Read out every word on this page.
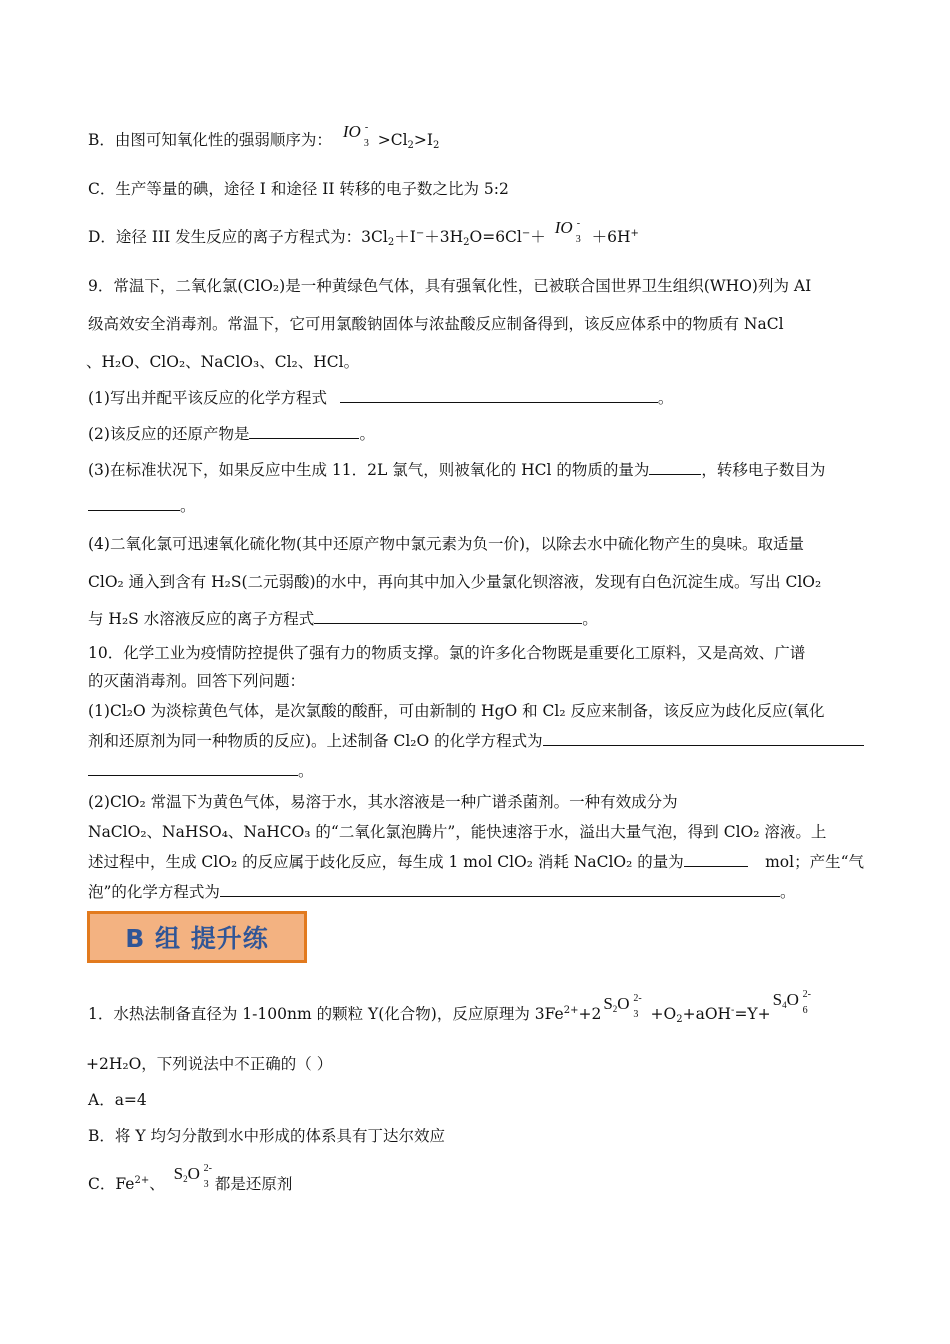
B．由图可知氧化性的强弱顺序为： IO -
$3 >Cl_2>I_2$
C．生产等量的碘，途径 I 和途径 II 转移的电子数之比为 5:2
D．途径 III 发生反应的离子方程式为：$3Cl_2+I^-+3H_2O=6Cl^-+$ IO -
3 ＋6H+
9．常温下，二氧化氯(ClO₂)是一种黄绿色气体，具有强氧化性，已被联合国世界卫生组织(WHO)列为 AI
级高效安全消毒剂。常温下，它可用氯酸钠固体与浓盐酸反应制备得到，该反应体系中的物质有 NaCl
、H₂O、ClO₂、NaClO₃、Cl₂、HCl。
(1)写出并配平该反应的化学方程式	。
(2)该反应的还原产物是	。
(3)在标准状况下，如果反应中生成 11．2L 氯气，则被氧化的 HCl 的物质的量为	，转移电子数目为
。
(4)二氧化氯可迅速氧化硫化物(其中还原产物中氯元素为负一价)，以除去水中硫化物产生的臭味。取适量
ClO₂ 通入到含有 H₂S(二元弱酸)的水中，再向其中加入少量氯化钡溶液，发现有白色沉淀生成。写出 ClO₂
与 H₂S 水溶液反应的离子方程式	。
10．化学工业为疫情防控提供了强有力的物质支撑。氯的许多化合物既是重要化工原料，又是高效、广谱
的灭菌消毒剂。回答下列问题：
(1)Cl₂O 为淡棕黄色气体，是次氯酸的酸酐，可由新制的 HgO 和 Cl₂ 反应来制备，该反应为歧化反应(氧化
剂和还原剂为同一种物质的反应)。上述制备 Cl₂O 的化学方程式为
。
(2)ClO₂ 常温下为黄色气体，易溶于水，其水溶液是一种广谱杀菌剂。一种有效成分为
NaClO₂、NaHSO₄、NaHCO₃ 的“二氧化氯泡腾片”，能快速溶于水，溢出大量气泡，得到 ClO₂ 溶液。上
述过程中，生成 ClO₂ 的反应属于歧化反应，每生成 1 mol ClO₂ 消耗 NaClO₂ 的量为	mol；产生“气
泡”的化学方程式为	。
B 组 提升练
1．水热法制备直径为 1-100nm 的颗粒 Y(化合物)，反应原理为 $3Fe^{2+}+2S2O$ 2-
$3 +O_2+aOH^-=Y+S4O$ 2-
6
+2H₂O，下列说法中不正确的（ ）
A．a=4
B．将 Y 均匀分散到水中形成的体系具有丁达尔效应
C．$Fe^{2+}$、 S2O 2-
3 都是还原剂
